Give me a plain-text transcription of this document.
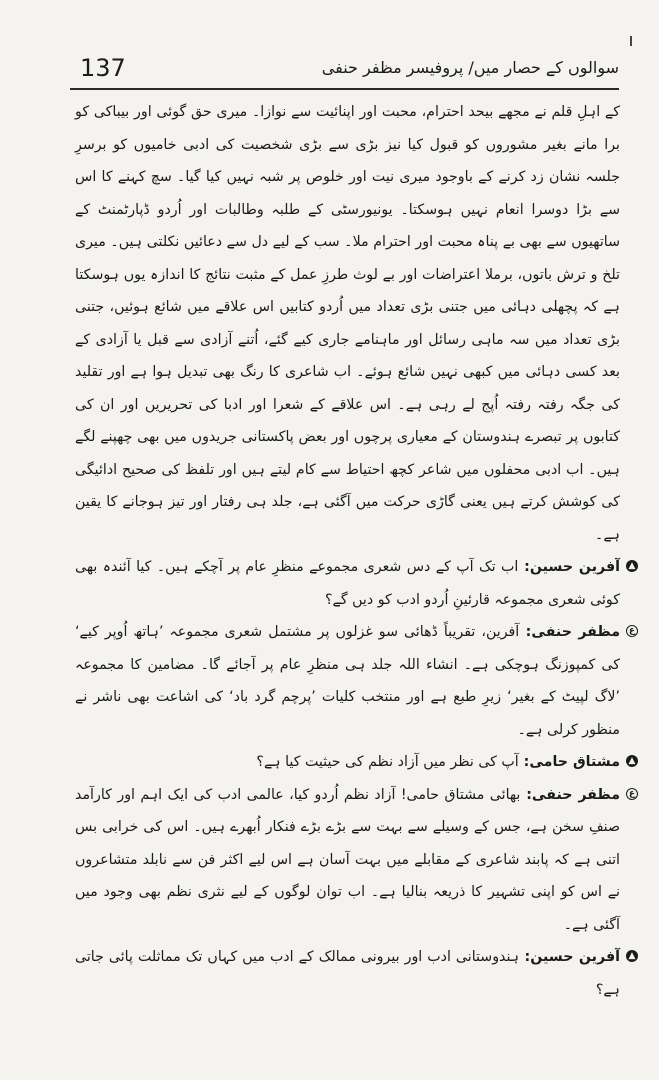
سوالوں کے حصار میں/ پروفیسر مظفر حنفی
137

کے اہلِ قلم نے مجھے بیحد احترام، محبت اور اپنائیت سے نوازا۔ میری حق گوئی اور بیباکی کو برا مانے بغیر مشوروں کو قبول کیا نیز بڑی سے بڑی شخصیت کی ادبی خامیوں کو برسرِ جلسہ نشان زد کرنے کے باوجود میری نیت اور خلوص پر شبہ نہیں کیا گیا۔ سچ کہنے کا اس سے بڑا دوسرا انعام نہیں ہوسکتا۔ یونیورسٹی کے طلبہ وطالبات اور اُردو ڈپارٹمنٹ کے ساتھیوں سے بھی بے پناہ محبت اور احترام ملا۔ سب کے لیے دل سے دعائیں نکلتی ہیں۔ میری تلخ و ترش باتوں، برملا اعتراضات اور بے لوث طرزِ عمل کے مثبت نتائج کا اندازہ یوں ہوسکتا ہے کہ پچھلی دہائی میں جتنی بڑی تعداد میں اُردو کتابیں اس علاقے میں شائع ہوئیں، جتنی بڑی تعداد میں سہ ماہی رسائل اور ماہنامے جاری کیے گئے، اُتنے آزادی سے قبل یا آزادی کے بعد کسی دہائی میں کبھی نہیں شائع ہوئے۔ اب شاعری کا رنگ بھی تبدیل ہوا ہے اور تقلید کی جگہ رفتہ رفتہ اُپج لے رہی ہے۔ اس علاقے کے شعرا اور ادبا کی تحریریں اور ان کی کتابوں پر تبصرے ہندوستان کے معیاری پرچوں اور بعض پاکستانی جریدوں میں بھی چھپنے لگے ہیں۔ اب ادبی محفلوں میں شاعر کچھ احتیاط سے کام لیتے ہیں اور تلفظ کی صحیح ادائیگی کی کوشش کرتے ہیں یعنی گاڑی حرکت میں آگئی ہے، جلد ہی رفتار اور تیز ہوجانے کا یقین ہے۔

▲

آفرین حسین: اب تک آپ کے دس شعری مجموعے منظرِ عام پر آچکے ہیں۔ کیا آئندہ بھی کوئی شعری مجموعہ قارئینِ اُردو ادب کو دیں گے؟

ع

مظفر حنفی: آفرین، تقریباً ڈھائی سو غزلوں پر مشتمل شعری مجموعہ ’ہاتھ اُوپر کیے‘ کی کمپوزنگ ہوچکی ہے۔ انشاء اللہ جلد ہی منظرِ عام پر آجائے گا۔ مضامین کا مجموعہ ’لاگ لپیٹ کے بغیر‘ زیرِ طبع ہے اور منتخب کلیات ’پرچم گرد باد‘ کی اشاعت بھی ناشر نے منظور کرلی ہے۔

▲

مشتاق حامی: آپ کی نظر میں آزاد نظم کی حیثیت کیا ہے؟

ع

مظفر حنفی: بھائی مشتاق حامی! آزاد نظم اُردو کیا، عالمی ادب کی ایک اہم اور کارآمد صنفِ سخن ہے، جس کے وسیلے سے بہت سے بڑے بڑے فنکار اُبھرے ہیں۔ اس کی خرابی بس اتنی ہے کہ پابند شاعری کے مقابلے میں بہت آسان ہے اس لیے اکثر فن سے نابلد متشاعروں نے اس کو اپنی تشہیر کا ذریعہ بنالیا ہے۔ اب توان لوگوں کے لیے نثری نظم بھی وجود میں آگئی ہے۔

▲

آفرین حسین: ہندوستانی ادب اور بیرونی ممالک کے ادب میں کہاں تک مماثلت پائی جاتی ہے؟
